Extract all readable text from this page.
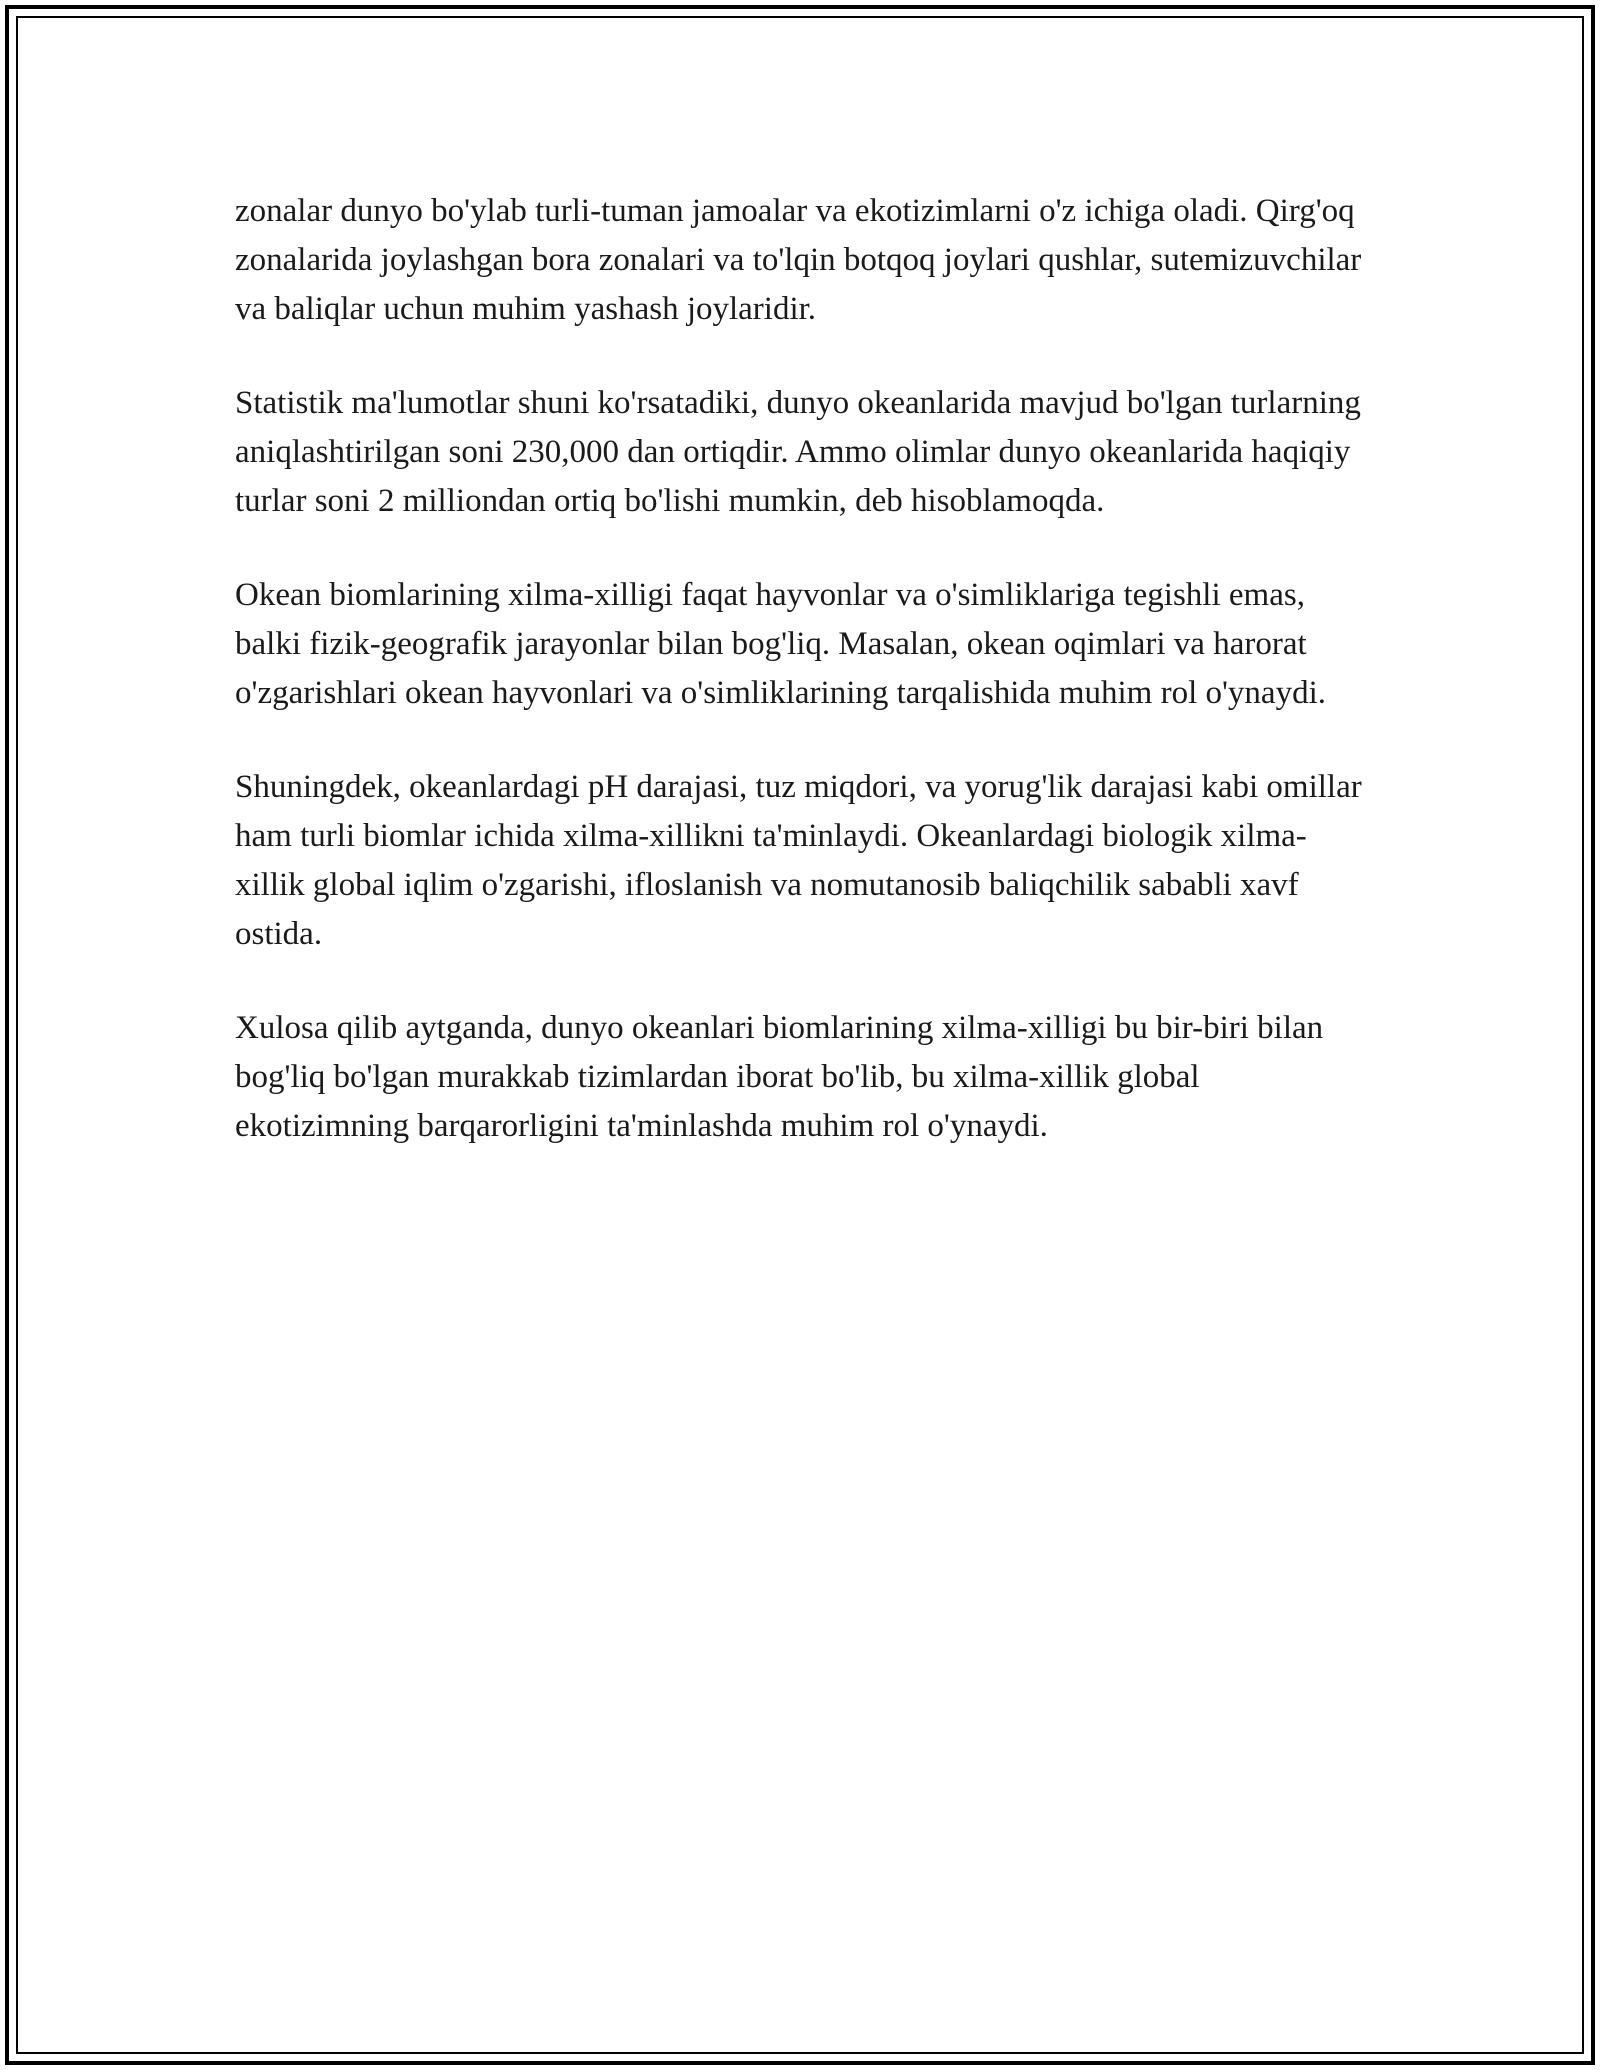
zonalar dunyo bo'ylab turli-tuman jamoalar va ekotizimlarni o'z ichiga oladi. Qirg'oq zonalarida joylashgan bora zonalari va to'lqin botqoq joylari qushlar, sutemizuvchilar va baliqlar uchun muhim yashash joylaridir.

Statistik ma'lumotlar shuni ko'rsatadiki, dunyo okeanlarida mavjud bo'lgan turlarning aniqlashtirilgan soni 230,000 dan ortiqdir. Ammo olimlar dunyo okeanlarida haqiqiy turlar soni 2 milliondan ortiq bo'lishi mumkin, deb hisoblamoqda.

Okean biomlarining xilma-xilligi faqat hayvonlar va o'simliklariga tegishli emas, balki fizik-geografik jarayonlar bilan bog'liq. Masalan, okean oqimlari va harorat o'zgarishlari okean hayvonlari va o'simliklarining tarqalishida muhim rol o'ynaydi.

Shuningdek, okeanlardagi pH darajasi, tuz miqdori, va yorug'lik darajasi kabi omillar ham turli biomlar ichida xilma-xillikni ta'minlaydi. Okeanlardagi biologik xilma-xillik global iqlim o'zgarishi, ifloslanish va nomutanosib baliqchilik sababli xavf ostida.

Xulosa qilib aytganda, dunyo okeanlari biomlarining xilma-xilligi bu bir-biri bilan bog'liq bo'lgan murakkab tizimlardan iborat bo'lib, bu xilma-xillik global ekotizimning barqarorligini ta'minlashda muhim rol o'ynaydi.
